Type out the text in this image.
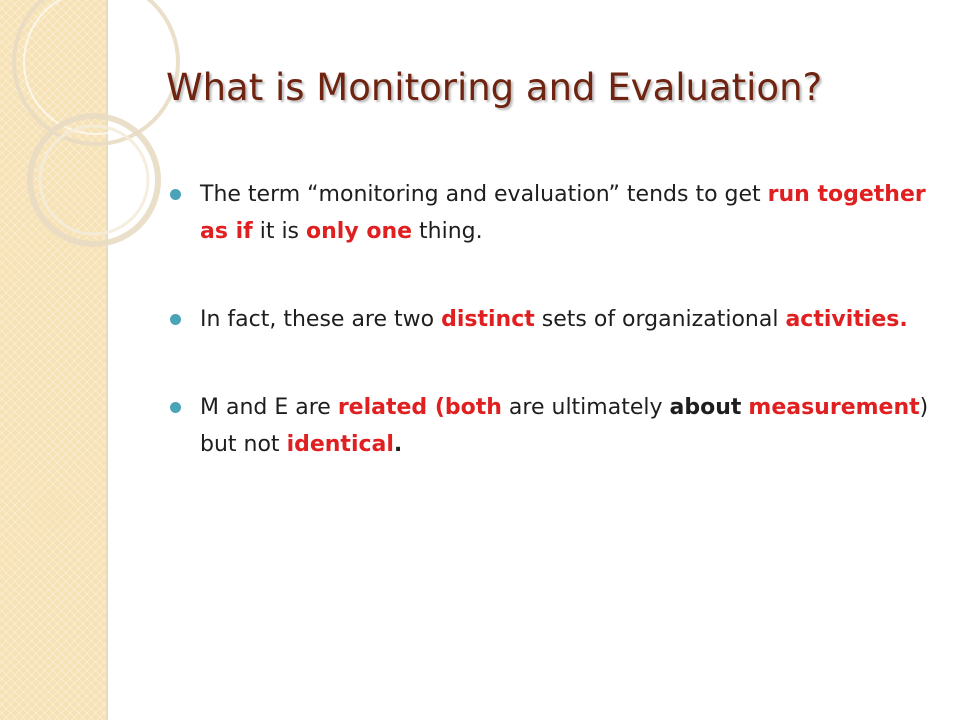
What is Monitoring and Evaluation?
The term “monitoring and evaluation” tends to get run together as if it is only one thing.
In fact, these are two distinct sets of organizational activities.
M and E are related (both are ultimately about measurement) but not identical.
